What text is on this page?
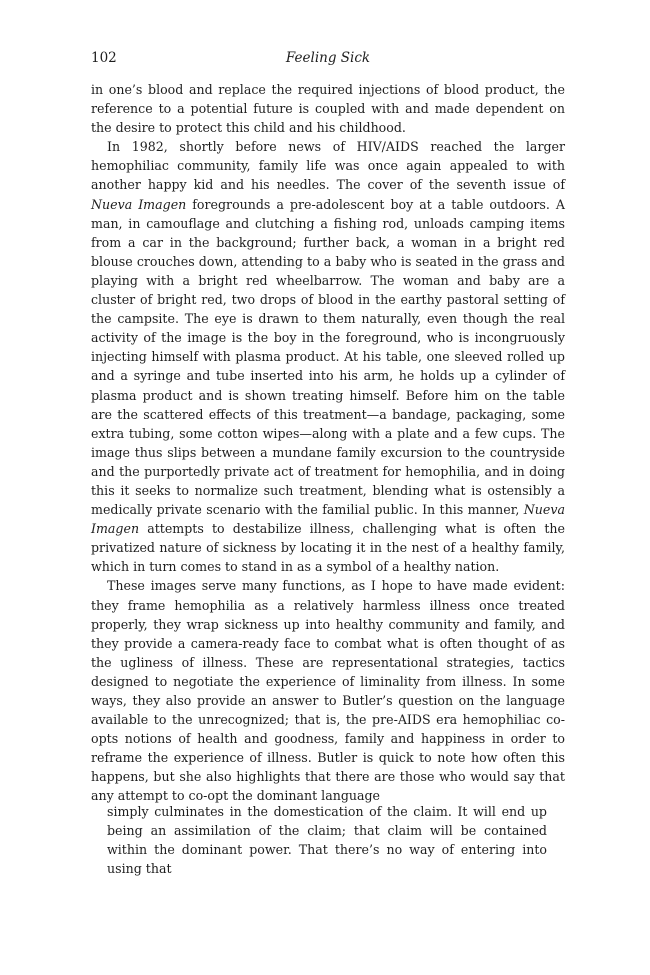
102	Feeling Sick

in one’s blood and replace the required injections of blood product, the reference to a potential future is coupled with and made dependent on the desire to protect this child and his childhood.

In 1982, shortly before news of HIV/AIDS reached the larger hemophiliac community, family life was once again appealed to with another happy kid and his needles. The cover of the seventh issue of Nueva Imagen foregrounds a pre-adolescent boy at a table outdoors. A man, in camouflage and clutching a fishing rod, unloads camping items from a car in the background; further back, a woman in a bright red blouse crouches down, attending to a baby who is seated in the grass and playing with a bright red wheelbarrow. The woman and baby are a cluster of bright red, two drops of blood in the earthy pastoral setting of the campsite. The eye is drawn to them naturally, even though the real activity of the image is the boy in the foreground, who is incongruously injecting himself with plasma product. At his table, one sleeved rolled up and a syringe and tube inserted into his arm, he holds up a cylinder of plasma product and is shown treating himself. Before him on the table are the scattered effects of this treatment—a bandage, packaging, some extra tubing, some cotton wipes—along with a plate and a few cups. The image thus slips between a mundane family excursion to the countryside and the purportedly private act of treatment for hemophilia, and in doing this it seeks to normalize such treatment, blending what is ostensibly a medically private scenario with the familial public. In this manner, Nueva Imagen attempts to destabilize illness, challenging what is often the privatized nature of sickness by locating it in the nest of a healthy family, which in turn comes to stand in as a symbol of a healthy nation.

These images serve many functions, as I hope to have made evident: they frame hemophilia as a relatively harmless illness once treated properly, they wrap sickness up into healthy community and family, and they provide a camera-ready face to combat what is often thought of as the ugliness of illness. These are representational strategies, tactics designed to negotiate the experience of liminality from illness. In some ways, they also provide an answer to Butler’s question on the language available to the unrecognized; that is, the pre-AIDS era hemophiliac co-opts notions of health and goodness, family and happiness in order to reframe the experience of illness. Butler is quick to note how often this happens, but she also highlights that there are those who would say that any attempt to co-opt the dominant language

simply culminates in the domestication of the claim. It will end up being an assimilation of the claim; that claim will be contained within the dominant power. That there’s no way of entering into using that
